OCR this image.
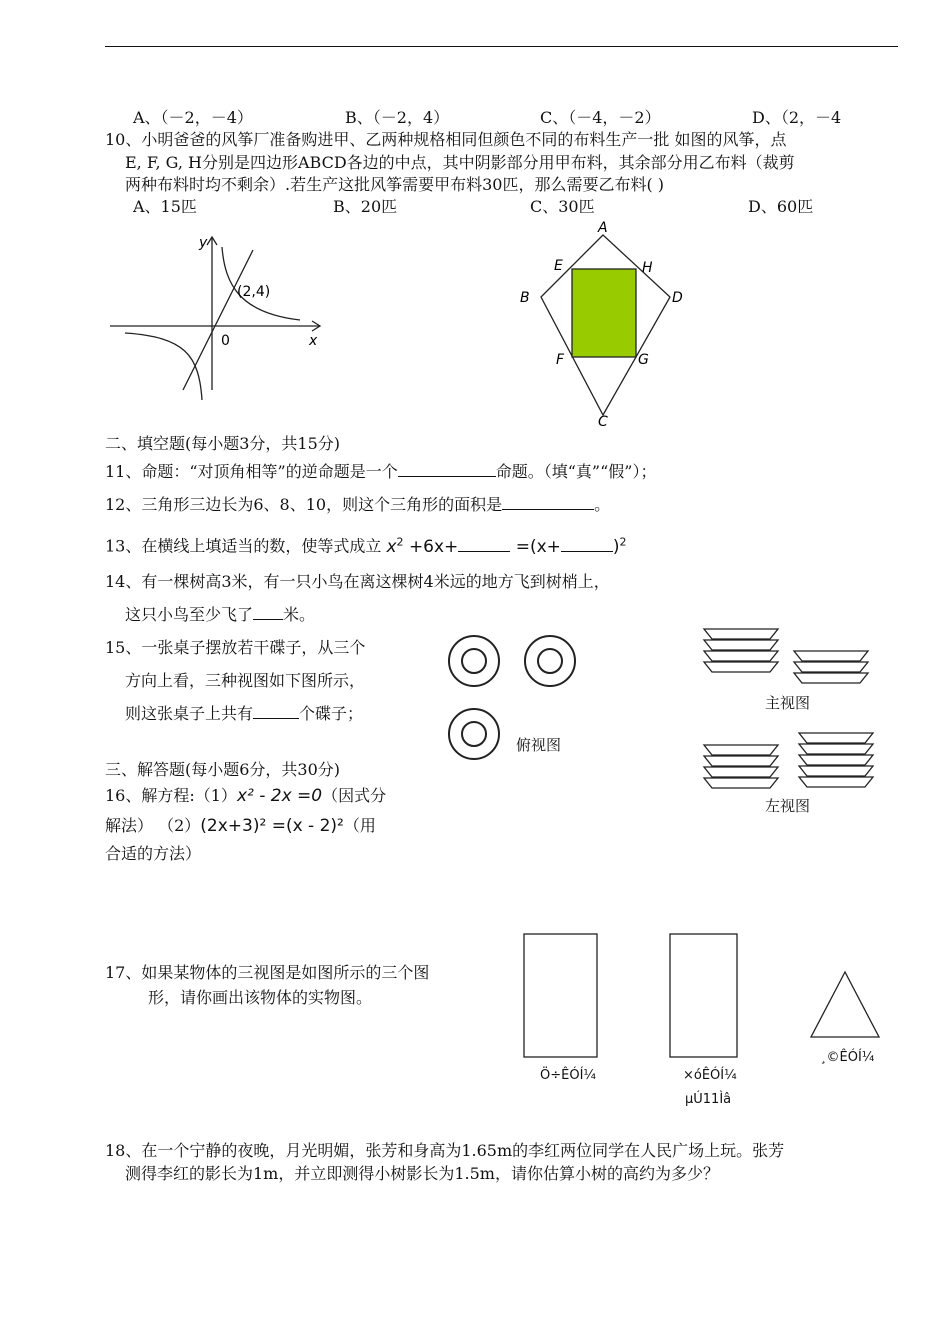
A、（－2，－4）	B、（－2，4）	C、（－4，－2）	D、（2，－4
10、小明爸爸的风筝厂准备购进甲、乙两种规格相同但颜色不同的布料生产一批 如图的风筝，点
E, F, G, H分别是四边形ABCD各边的中点，其中阴影部分用甲布料，其余部分用乙布料（裁剪
两种布料时均不剩余）.若生产这批风筝需要甲布料30匹，那么需要乙布料( )
A、15匹	B、20匹	C、30匹	D、60匹
y
x
0
(2,4)
A
B
C
D
E
F	G
H
二、填空题(每小题3分，共15分)
11、命题：“对顶角相等”的逆命题是一个	命题。（填“真”“假”）；
12、三角形三边长为6、8、10，则这个三角形的面积是	。
13、在横线上填适当的数，使等式成立 $x^2 +6x+$	=(x+	)$^2$
14、有一棵树高3米，有一只小鸟在离这棵树4米远的地方飞到树梢上，
这只小鸟至少飞了 米。
15、一张桌子摆放若干碟子，从三个
方向上看，三种视图如下图所示，
则这张桌子上共有	个碟子；
俯视图
主视图
左视图
三、解答题(每小题6分，共30分)
16、解方程:（1）x² - 2x =0（因式分
解法） （2）(2x+3)² =(x - 2)²（用
合适的方法）
17、如果某物体的三视图是如图所示的三个图
形，请你画出该物体的实物图。
Ö÷ÊÓÍ¼	×óÊÓÍ¼
µÚ11Ìâ
¸©ÊÓÍ¼
18、在一个宁静的夜晚，月光明媚，张芳和身高为1.65m的李红两位同学在人民广场上玩。张芳
测得李红的影长为1m，并立即测得小树影长为1.5m，请你估算小树的高约为多少？
